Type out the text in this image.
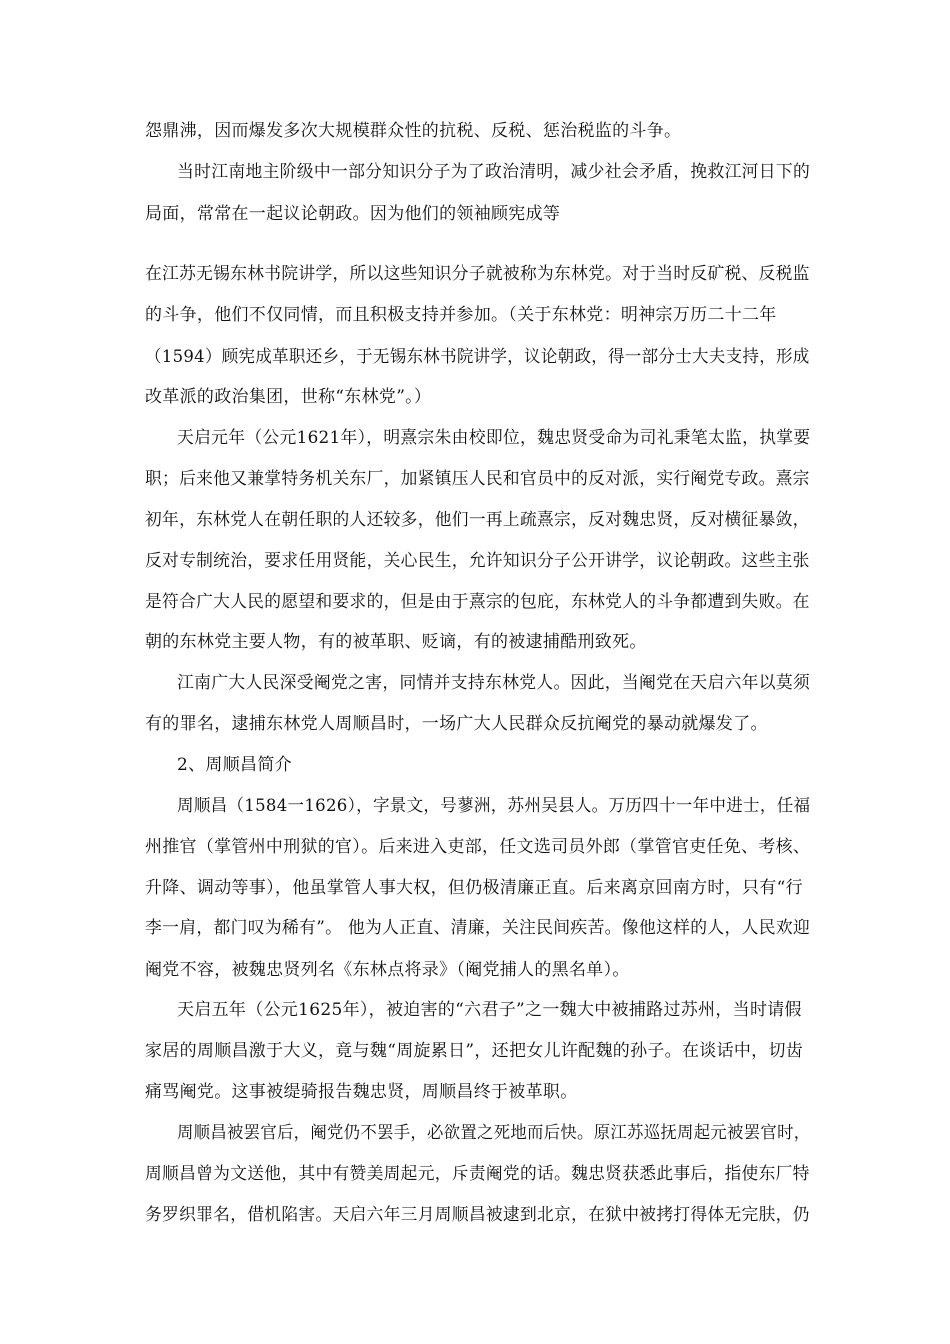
怨鼎沸，因而爆发多次大规模群众性的抗税、反税、惩治税监的斗争。
当时江南地主阶级中一部分知识分子为了政治清明，减少社会矛盾，挽救江河日下的
局面，常常在一起议论朝政。因为他们的领袖顾宪成等
在江苏无锡东林书院讲学，所以这些知识分子就被称为东林党。对于当时反矿税、反税监
的斗争，他们不仅同情，而且积极支持并参加。（关于东林党：明神宗万历二十二年
（1594）顾宪成革职还乡，于无锡东林书院讲学，议论朝政，得一部分士大夫支持，形成
改革派的政治集团，世称“东林党”。）
天启元年（公元1621年），明熹宗朱由校即位，魏忠贤受命为司礼秉笔太监，执掌要
职；后来他又兼掌特务机关东厂，加紧镇压人民和官员中的反对派，实行阉党专政。熹宗
初年，东林党人在朝任职的人还较多，他们一再上疏熹宗，反对魏忠贤，反对横征暴敛，
反对专制统治，要求任用贤能，关心民生，允许知识分子公开讲学，议论朝政。这些主张
是符合广大人民的愿望和要求的，但是由于熹宗的包庇，东林党人的斗争都遭到失败。在
朝的东林党主要人物，有的被革职、贬谪，有的被逮捕酷刑致死。
江南广大人民深受阉党之害，同情并支持东林党人。因此，当阉党在天启六年以莫须
有的罪名，逮捕东林党人周顺昌时，一场广大人民群众反抗阉党的暴动就爆发了。
2、周顺昌简介
周顺昌（1584一1626），字景文，号蓼洲，苏州吴县人。万历四十一年中进士，任福
州推官（掌管州中刑狱的官）。后来进入吏部，任文选司员外郎（掌管官吏任免、考核、
升降、调动等事），他虽掌管人事大权，但仍极清廉正直。后来离京回南方时，只有“行
李一肩，都门叹为稀有”。 他为人正直、清廉，关注民间疾苦。像他这样的人，人民欢迎
阉党不容，被魏忠贤列名《东林点将录》（阉党捕人的黑名单）。
天启五年（公元1625年），被迫害的“六君子”之一魏大中被捕路过苏州，当时请假
家居的周顺昌激于大义，竟与魏“周旋累日”，还把女儿许配魏的孙子。在谈话中，切齿
痛骂阉党。这事被缇骑报告魏忠贤，周顺昌终于被革职。
周顺昌被罢官后，阉党仍不罢手，必欲置之死地而后快。原江苏巡抚周起元被罢官时，
周顺昌曾为文送他，其中有赞美周起元，斥责阉党的话。魏忠贤获悉此事后，指使东厂特
务罗织罪名，借机陷害。天启六年三月周顺昌被逮到北京，在狱中被拷打得体无完肤，仍
